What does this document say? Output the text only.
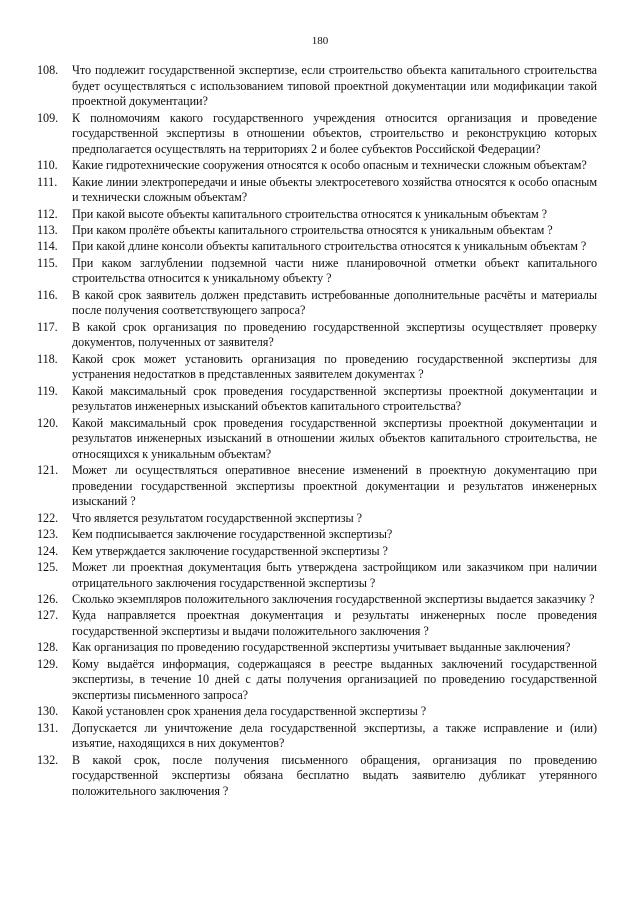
180
108.	Что подлежит государственной экспертизе, если строительство объекта капитального строительства будет осуществляться с использованием типовой проектной документации или модификации такой проектной документации?
109.	К полномочиям какого государственного учреждения относится организация и проведение государственной экспертизы в отношении объектов, строительство и реконструкцию которых предполагается осуществлять на территориях 2 и более субъектов Российской Федерации?
110.	Какие гидротехнические сооружения относятся к особо опасным и технически сложным объектам?
111.	Какие линии электропередачи и иные объекты электросетевого хозяйства относятся к особо опасным и технически сложным объектам?
112.	При какой высоте объекты капитального строительства относятся к уникальным объектам ?
113.	При каком пролёте объекты капитального строительства относятся к уникальным объектам ?
114.	При какой длине консоли объекты капитального строительства относятся к уникальным объектам ?
115.	При каком заглублении подземной части ниже планировочной отметки объект капитального строительства относится к уникальному объекту ?
116.	В какой срок заявитель должен представить истребованные дополнительные расчёты и материалы после получения соответствующего запроса?
117.	В какой срок организация по проведению государственной экспертизы осуществляет проверку документов, полученных от заявителя?
118.	Какой срок может установить организация по проведению государственной экспертизы для устранения недостатков в представленных заявителем документах ?
119.	Какой максимальный срок проведения государственной экспертизы проектной документации и результатов инженерных изысканий объектов капитального строительства?
120.	Какой максимальный срок проведения государственной экспертизы проектной документации и результатов инженерных изысканий в отношении жилых объектов капитального строительства, не относящихся к уникальным объектам?
121.	Может ли осуществляться оперативное внесение изменений в проектную документацию при проведении государственной экспертизы проектной документации и результатов инженерных изысканий ?
122.	Что является результатом государственной экспертизы ?
123.	Кем подписывается заключение государственной экспертизы?
124.	Кем утверждается заключение государственной экспертизы ?
125.	Может ли проектная документация быть утверждена застройщиком или заказчиком при наличии отрицательного заключения государственной экспертизы ?
126.	Сколько экземпляров положительного заключения государственной экспертизы выдается заказчику ?
127.	Куда направляется проектная документация и результаты инженерных после проведения государственной экспертизы и выдачи положительного заключения ?
128.	Как организация по проведению государственной экспертизы учитывает выданные заключения?
129.	Кому выдаётся информация, содержащаяся в реестре выданных заключений государственной экспертизы, в течение 10 дней с даты получения организацией по проведению государственной экспертизы письменного запроса?
130.	Какой установлен срок хранения дела государственной экспертизы ?
131.	Допускается ли уничтожение дела государственной экспертизы, а также исправление и (или) изъятие, находящихся в них документов?
132.	В какой срок, после получения письменного обращения, организация по проведению государственной экспертизы обязана бесплатно выдать заявителю дубликат утерянного положительного заключения ?
